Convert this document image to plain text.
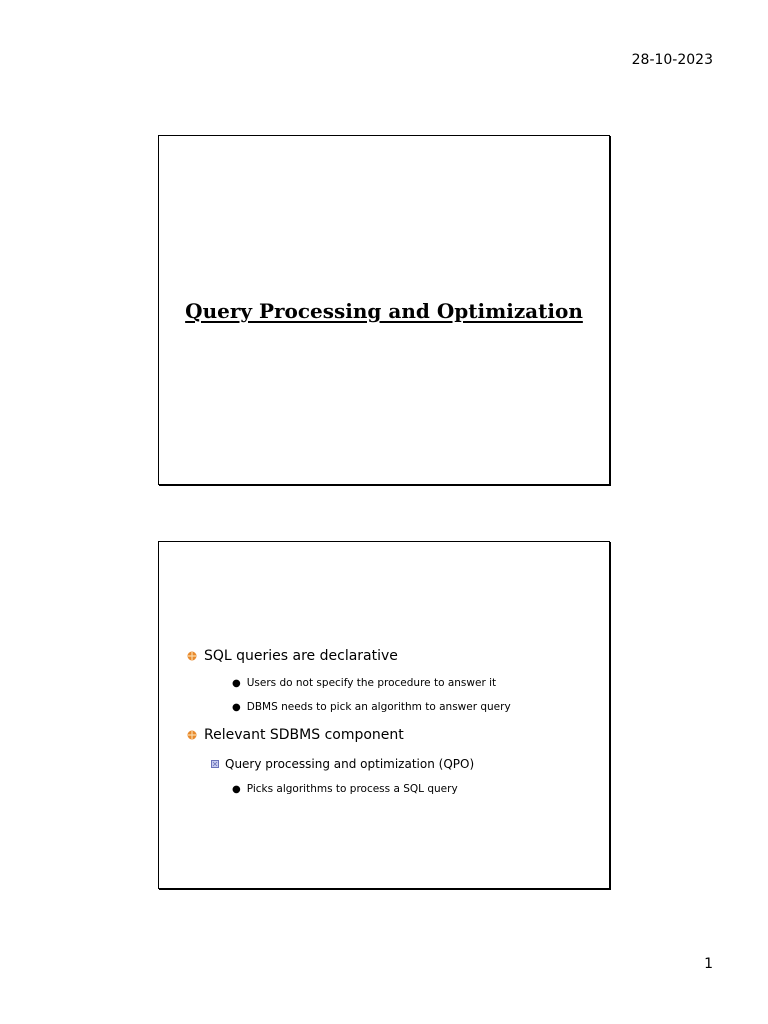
28-10-2023
Query Processing and Optimization
SQL queries are declarative
● Users do not specify the procedure to answer it
● DBMS needs to pick an algorithm to answer query
Relevant SDBMS component
Query processing and optimization (QPO)
● Picks algorithms to process a SQL query
1
